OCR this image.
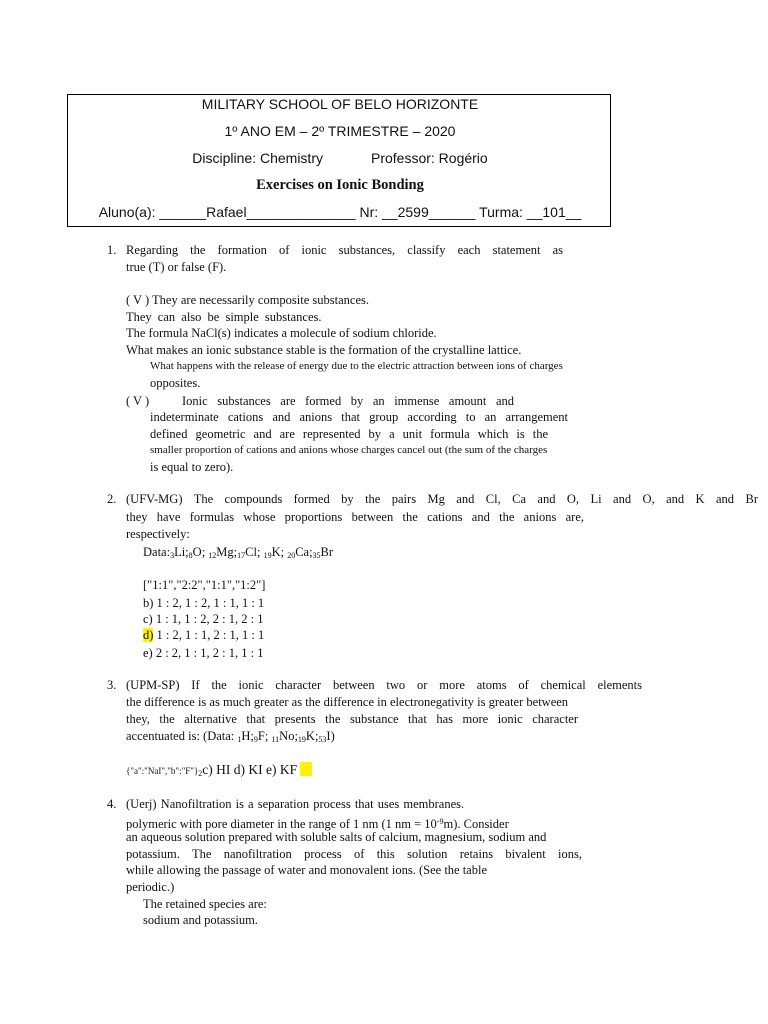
MILITARY SCHOOL OF BELO HORIZONTE
1º ANO EM – 2º TRIMESTRE – 2020
Discipline: Chemistry	Professor: Rogério
Exercises on Ionic Bonding
Aluno(a): ______Rafael______________ Nr: __2599______ Turma: __101__
1. Regarding the formation of ionic substances, classify each statement as
true (T) or false (F).
( V ) They are necessarily composite substances.
They can also be simple substances.
The formula NaCl(s) indicates a molecule of sodium chloride.
What makes an ionic substance stable is the formation of the crystalline lattice.
What happens with the release of energy due to the electric attraction between ions of charges
opposites.
( V )	Ionic substances are formed by an immense amount and
indeterminate cations and anions that group according to an arrangement
defined geometric and are represented by a unit formula which is the
smaller proportion of cations and anions whose charges cancel out (the sum of the charges
is equal to zero).
2. (UFV-MG) The compounds formed by the pairs Mg and Cl, Ca and O, Li and O, and K and Br
they have formulas whose proportions between the cations and the anions are,
respectively:
$Data:_3Li;_8O$; $_{12}Mg;_{17}Cl$; $_{19}$K; $_{20}Ca;_{35}Br$
["1:1","2:2","1:1","1:2"]
b) 1 : 2, 1 : 2, 1 : 1, 1 : 1
c) 1 : 1, 1 : 2, 2 : 1, 2 : 1
d) 1 : 2, 1 : 1, 2 : 1, 1 : 1
e) 2 : 2, 1 : 1, 2 : 1, 1 : 1
3. (UPM-SP) If the ionic character between two or more atoms of chemical elements
the difference is as much greater as the difference in electronegativity is greater between
they, the alternative that presents the substance that has more ionic character
accentuated is: (Data: $_1H;_9F$; $_{11}No;_{19}K;_{53}I$)
$\{"a":"NaI","b":"F"\}_2c$) HI d) KI e) KF
4. (Uerj) Nanofiltration is a separation process that uses membranes.
polymeric with pore diameter in the range of 1 nm (1 nm = $10^{-9}m$). Consider
an aqueous solution prepared with soluble salts of calcium, magnesium, sodium and
potassium. The nanofiltration process of this solution retains bivalent ions,
while allowing the passage of water and monovalent ions. (See the table
periodic.)
The retained species are:
sodium and potassium.
